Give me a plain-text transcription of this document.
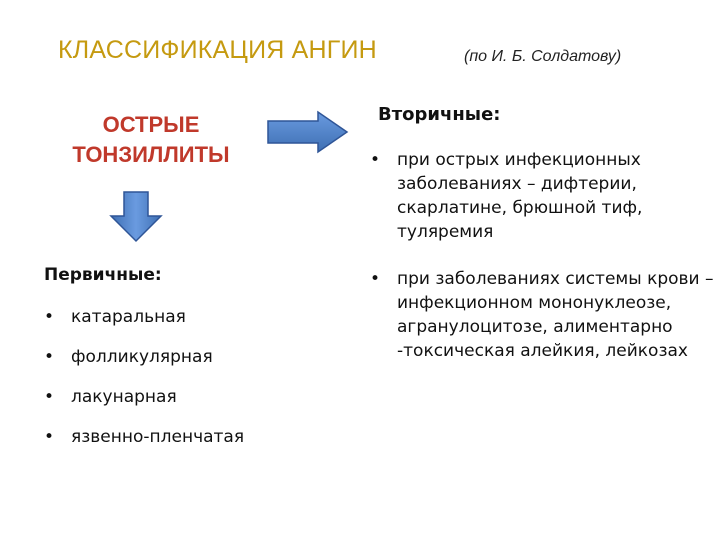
КЛАССИФИКАЦИЯ АНГИН	(по И. Б. Солдатову)
ОСТРЫЕ
ТОНЗИЛЛИТЫ
Вторичные:
• при острых инфекционных заболеваниях – дифтерии, скарлатине, брюшной тиф, туляремия
• при заболеваниях системы крови – инфекционном мононуклеозе, агранулоцитозе, алиментарно -токсическая алейкия, лейкозах
Первичные:
• катаральная
• фолликулярная
• лакунарная
• язвенно-пленчатая
